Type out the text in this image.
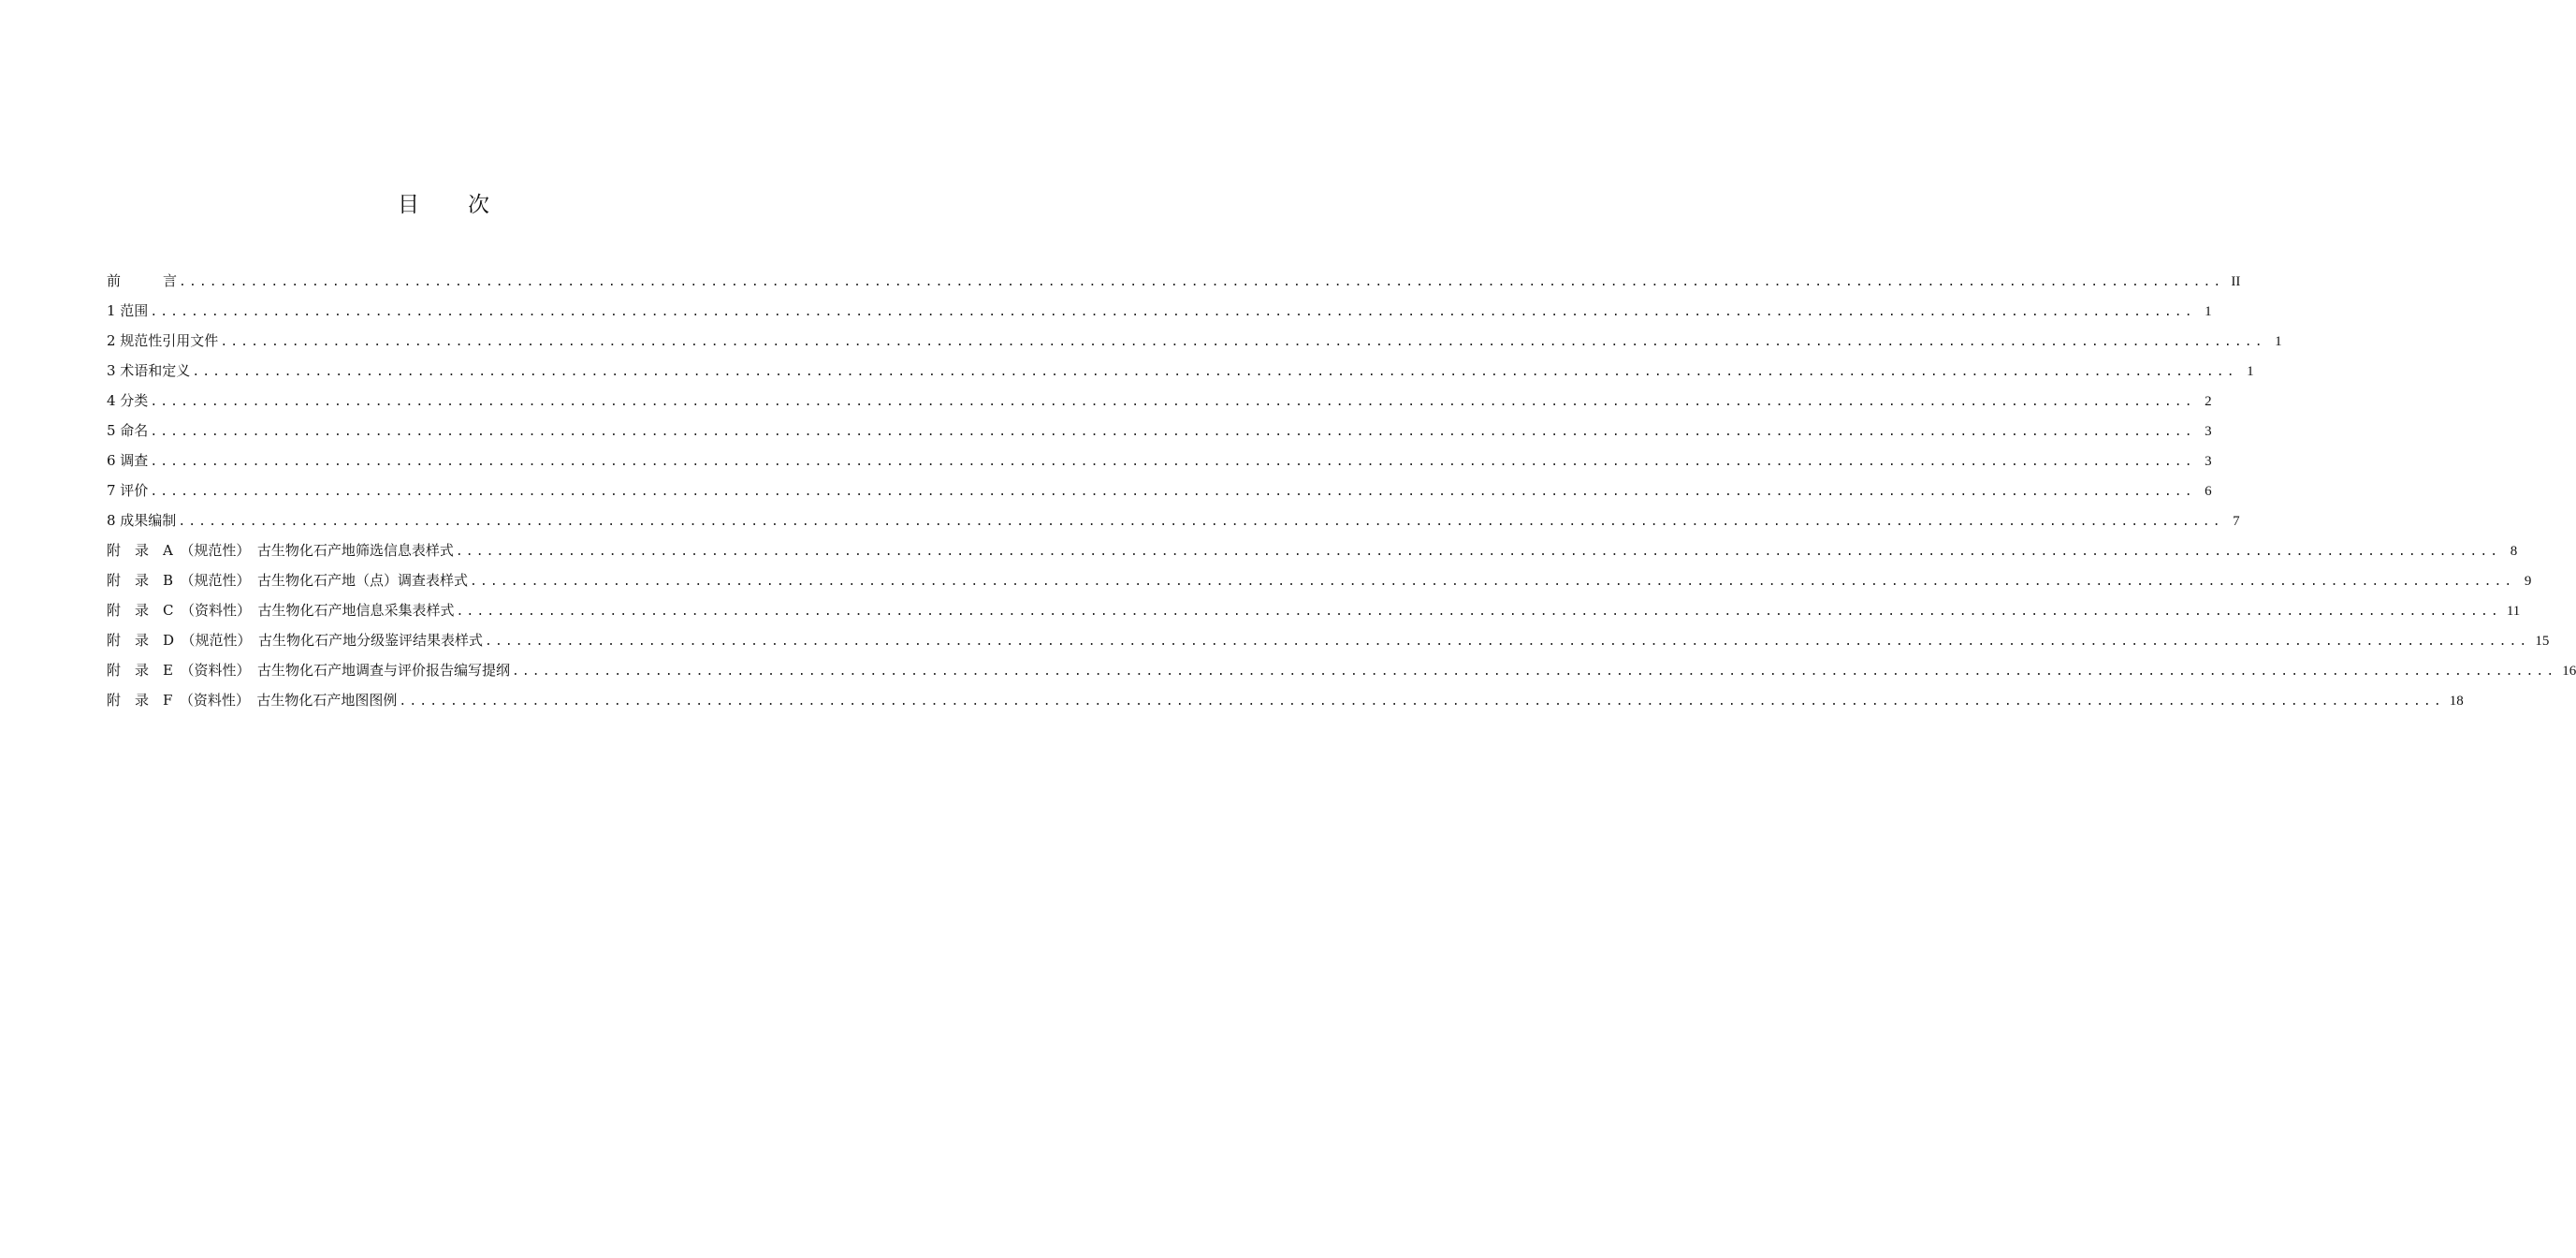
目　　次
前　　　言 ........................................................................................................................................................................................................ II
1 范围 ........................................................................................................................................................................................................ 1
2 规范性引用文件 ........................................................................................................................................................................................................ 1
3 术语和定义 ........................................................................................................................................................................................................ 1
4 分类 ........................................................................................................................................................................................................ 2
5 命名 ........................................................................................................................................................................................................ 3
6 调查 ........................................................................................................................................................................................................ 3
7 评价 ........................................................................................................................................................................................................ 6
8 成果编制 ........................................................................................................................................................................................................ 7
附　录　A　（规范性）　古生物化石产地筛选信息表样式 ........................................................................................................................................................................................................ 8
附　录　B　（规范性）　古生物化石产地（点）调查表样式 ........................................................................................................................................................................................................ 9
附　录　C　（资料性）　古生物化石产地信息采集表样式 ........................................................................................................................................................................................................ 11
附　录　D　（规范性）　古生物化石产地分级鉴评结果表样式 ........................................................................................................................................................................................................ 15
附　录　E　（资料性）　古生物化石产地调查与评价报告编写提纲 ........................................................................................................................................................................................................ 16
附　录　F　（资料性）　古生物化石产地图图例 ........................................................................................................................................................................................................ 18
